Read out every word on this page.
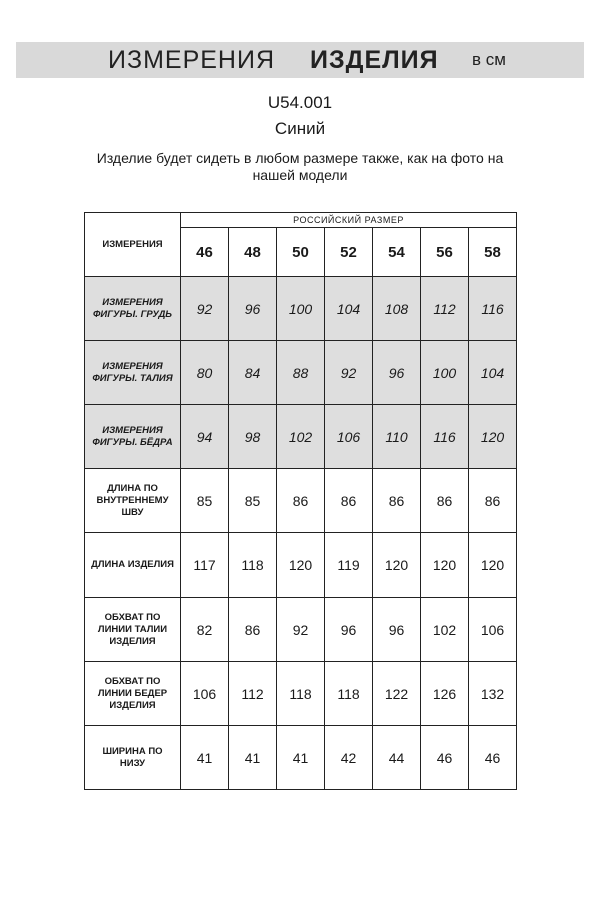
ИЗМЕРЕНИЯ ИЗДЕЛИЯ в см
U54.001
Синий
Изделие будет сидеть в любом размере также, как на фото на нашей модели
ИЗМЕРЕНИЯ	РОССИЙСКИЙ РАЗМЕР						
	46	48	50	52	54	56	58

ИЗМЕРЕНИЯ
ФИГУРЫ. ГРУДЬ	92	96	100	104	108	112	116

ИЗМЕРЕНИЯ
ФИГУРЫ. ТАЛИЯ	80	84	88	92	96	100	104

ИЗМЕРЕНИЯ
ФИГУРЫ. БЁДРА	94	98	102	106	110	116	120

ДЛИНА ПО
ВНУТРЕННЕМУ
ШВУ	85	85	86	86	86	86	86

ДЛИНА ИЗДЕЛИЯ	117	118	120	119	120	120	120

ОБХВАТ ПО
ЛИНИИ ТАЛИИ
ИЗДЕЛИЯ	82	86	92	96	96	102	106

ОБХВАТ ПО
ЛИНИИ БЕДЕР
ИЗДЕЛИЯ	106	112	118	118	122	126	132

ШИРИНА ПО
НИЗУ	41	41	41	42	44	46	46
